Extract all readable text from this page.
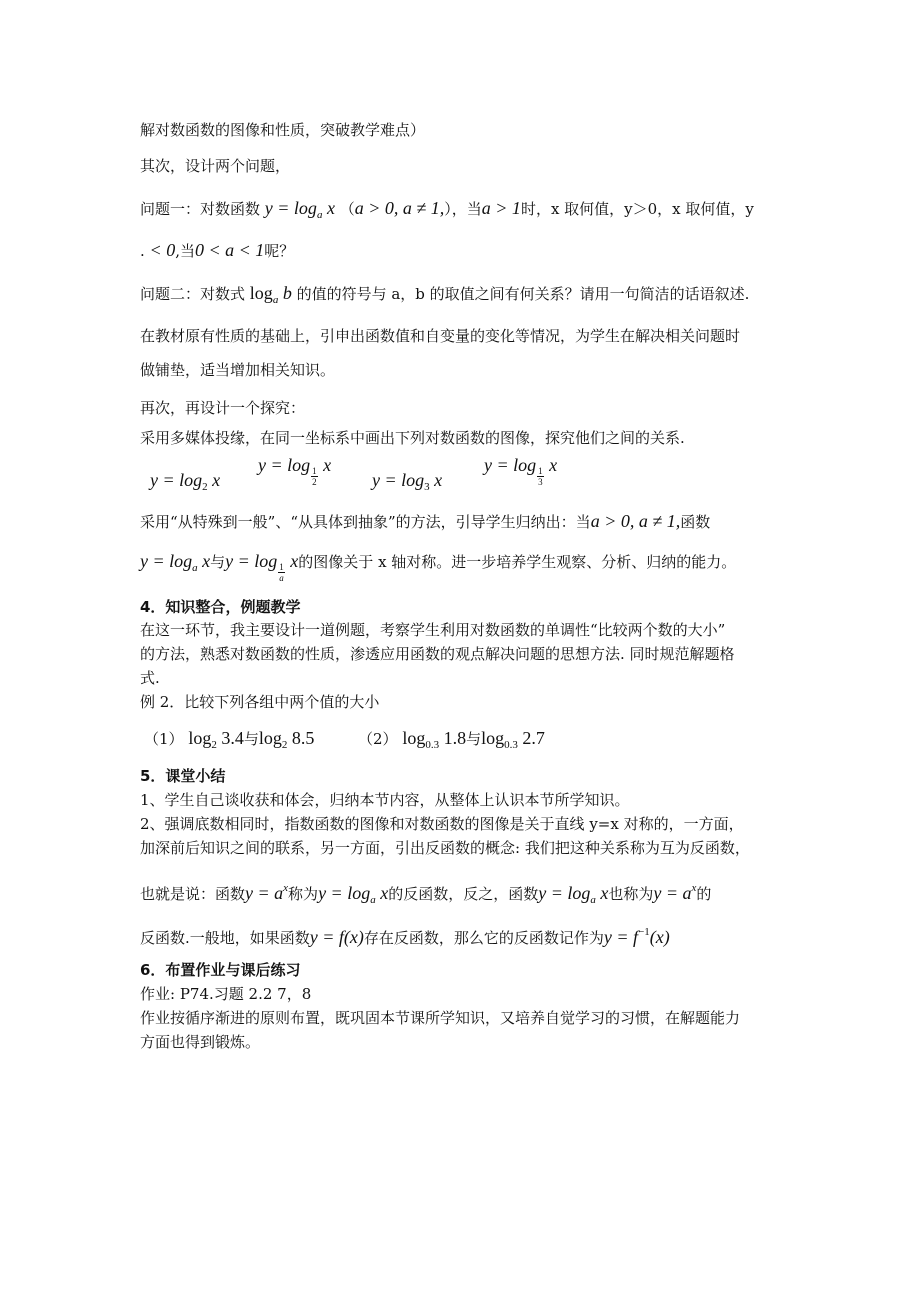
解对数函数的图像和性质，突破教学难点）
其次，设计两个问题，
问题一：对数函数 $y = \log_a x$ （a > 0, a ≠ 1,），当a > 1时，x 取何值，y＞0，x 取何值，y
. < 0,当0 < a < 1呢？
问题二：对数式 $\log_a b$ 的值的符号与 a，b 的取值之间有何关系？请用一句简洁的话语叙述.
在教材原有性质的基础上，引申出函数值和自变量的变化等情况，为学生在解决相关问题时
做铺垫，适当增加相关知识。
再次，再设计一个探究：
采用多媒体投缘，在同一坐标系中画出下列对数函数的图像，探究他们之间的关系.
$y = \log_2 x$
y = log
$\frac{1}{2}$
x
$y = \log_3 x$
y = log
$\frac{1}{3}$
x
采用“从特殊到一般”、“从具体到抽象”的方法，引导学生归纳出：当a > 0, a ≠ 1,函数
$y = \log_a x$与y = log
$\frac{1}{a}$
x的图像关于 x 轴对称。进一步培养学生观察、分析、归纳的能力。
4．知识整合，例题教学
在这一环节，我主要设计一道例题，考察学生利用对数函数的单调性“比较两个数的大小”
的方法，熟悉对数函数的性质，渗透应用函数的观点解决问题的思想方法. 同时规范解题格
式.
例 2．比较下列各组中两个值的大小
（1） $\log_2 3.4$与$\log_2 8.5$	（2） $\log_{0.3} 1.8$与$\log_{0.3} 2.7$
5．课堂小结
1、学生自己谈收获和体会，归纳本节内容，从整体上认识本节所学知识。
2、强调底数相同时，指数函数的图像和对数函数的图像是关于直线 y=x 对称的，一方面，
加深前后知识之间的联系，另一方面，引出反函数的概念: 我们把这种关系称为互为反函数，
也就是说：函数$y = a^x$称为$y = \log_a x$的反函数，反之，函数$y = \log_a x$也称为$y = a^x$的
反函数.一般地，如果函数y = f(x)存在反函数，那么它的反函数记作为$y = f^{-1}(x)$
6．布置作业与课后练习
作业: P74.习题 2.2 7，8
作业按循序渐进的原则布置，既巩固本节课所学知识，又培养自觉学习的习惯，在解题能力
方面也得到锻炼。
